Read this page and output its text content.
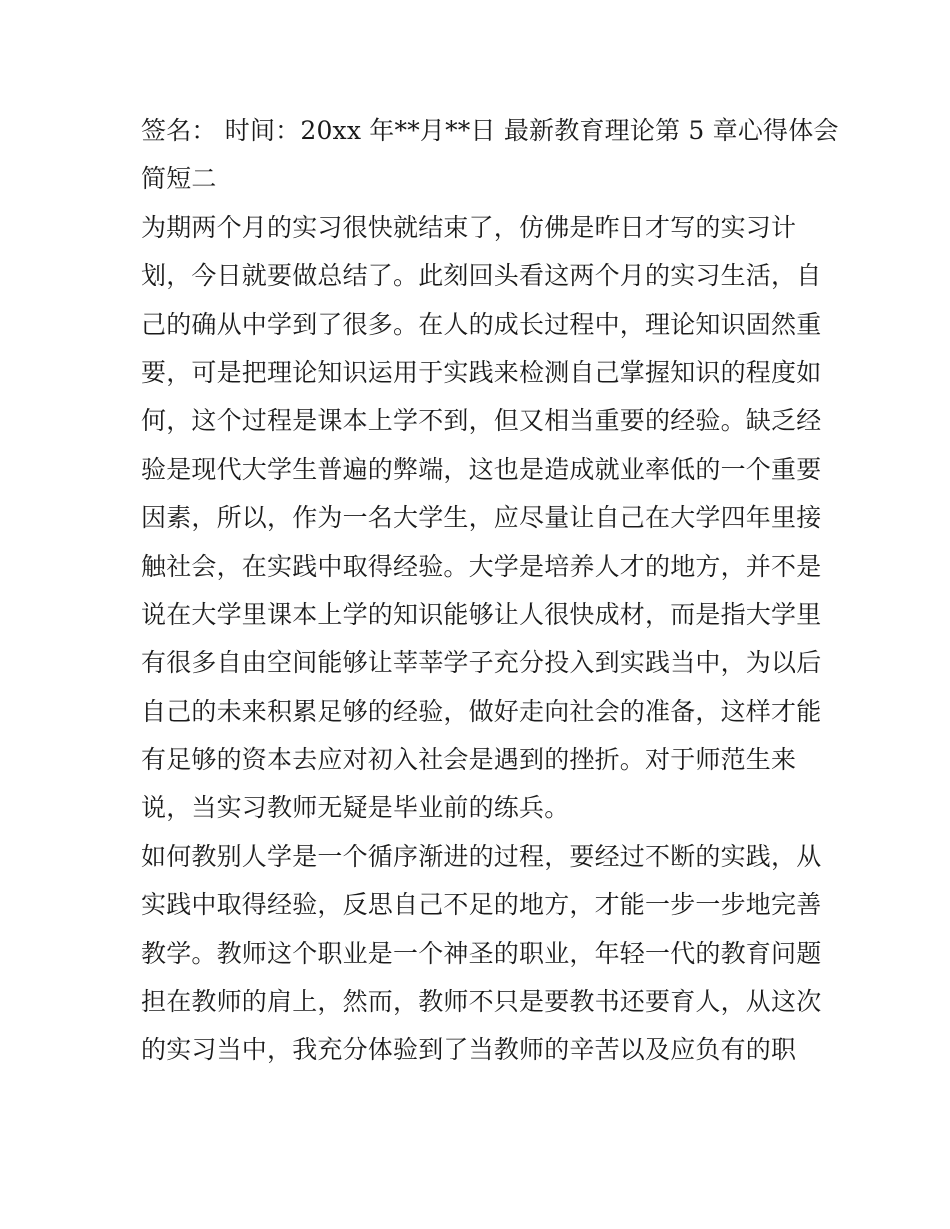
签名： 时间：20xx 年**月**日 最新教育理论第 5 章心得体会
简短二
为期两个月的实习很快就结束了，仿佛是昨日才写的实习计
划，今日就要做总结了。此刻回头看这两个月的实习生活，自
己的确从中学到了很多。在人的成长过程中，理论知识固然重
要，可是把理论知识运用于实践来检测自己掌握知识的程度如
何，这个过程是课本上学不到，但又相当重要的经验。缺乏经
验是现代大学生普遍的弊端，这也是造成就业率低的一个重要
因素，所以，作为一名大学生，应尽量让自己在大学四年里接
触社会，在实践中取得经验。大学是培养人才的地方，并不是
说在大学里课本上学的知识能够让人很快成材，而是指大学里
有很多自由空间能够让莘莘学子充分投入到实践当中，为以后
自己的未来积累足够的经验，做好走向社会的准备，这样才能
有足够的资本去应对初入社会是遇到的挫折。对于师范生来
说，当实习教师无疑是毕业前的练兵。
如何教别人学是一个循序渐进的过程，要经过不断的实践，从
实践中取得经验，反思自己不足的地方，才能一步一步地完善
教学。教师这个职业是一个神圣的职业，年轻一代的教育问题
担在教师的肩上，然而，教师不只是要教书还要育人，从这次
的实习当中，我充分体验到了当教师的辛苦以及应负有的职
